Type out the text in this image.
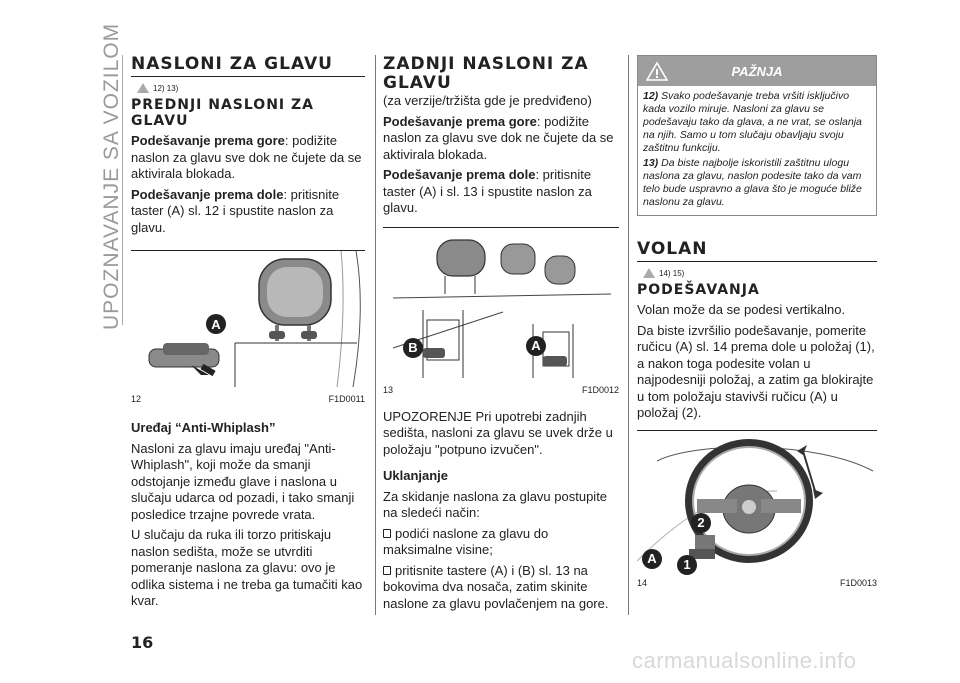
UPOZNAVANJE SA VOZILOM NASLONI ZA GLAVU
12) 13)
PREDNJI NASLONI ZA GLAVU

Podešavanje prema gore: podižite naslon za glavu sve dok ne čujete da se aktivirala blokada.

Podešavanje prema dole: pritisnite taster (A) sl. 12 i spustite naslon za glavu.

A
12	F1D0011

Uređaj “Anti-Whiplash”

Nasloni za glavu imaju uređaj "Anti-Whiplash", koji može da smanji odstojanje između glave i naslona u slučaju udarca od pozadi, i tako smanji posledice trzajne povrede vrata.

U slučaju da ruka ili torzo pritiskaju naslon sedišta, može se utvrditi pomeranje naslona za glavu: ovo je odlika sistema i ne treba ga tumačiti kao kvar.

ZADNJI NASLONI ZA GLAVU

(za verzije/tržišta gde je predviđeno)

Podešavanje prema gore: podižite naslon za glavu sve dok ne čujete da se aktivirala blokada.

Podešavanje prema dole: pritisnite taster (A) i sl. 13 i spustite naslon za glavu.

B	A
13	F1D0012

UPOZORENJE Pri upotrebi zadnjih sedišta, nasloni za glavu se uvek drže u položaju "potpuno izvučen".

Uklanjanje

Za skidanje naslona za glavu postupite na sledeći način:

podići naslone za glavu do maksimalne visine;

pritisnite tastere (A) i (B) sl. 13 na bokovima dva nosača, zatim skinite naslone za glavu povlačenjem na gore.

PAŽNJA

12) Svako podešavanje treba vršiti isključivo kada vozilo miruje. Nasloni za glavu se podešavaju tako da glava, a ne vrat, se oslanja na njih. Samo u tom slučaju obavljaju svoju zaštitnu funkciju.

13) Da biste najbolje iskoristili zaštitnu ulogu naslona za glavu, naslon podesite tako da vam telo bude uspravno a glava što je moguće bliže naslonu za glavu.

VOLAN
14) 15)
PODEŠAVANJA

Volan može da se podesi vertikalno.

Da biste izvršilio podešavanje, pomerite ručicu (A) sl. 14 prema dole u položaj (1), a nakon toga podesite volan u najpodesniji položaj, a zatim ga blokirajte u tom položaju stavivši ručicu (A) u položaj (2).

2
A	1
14	F1D0013
16
carmanualsonline.info
